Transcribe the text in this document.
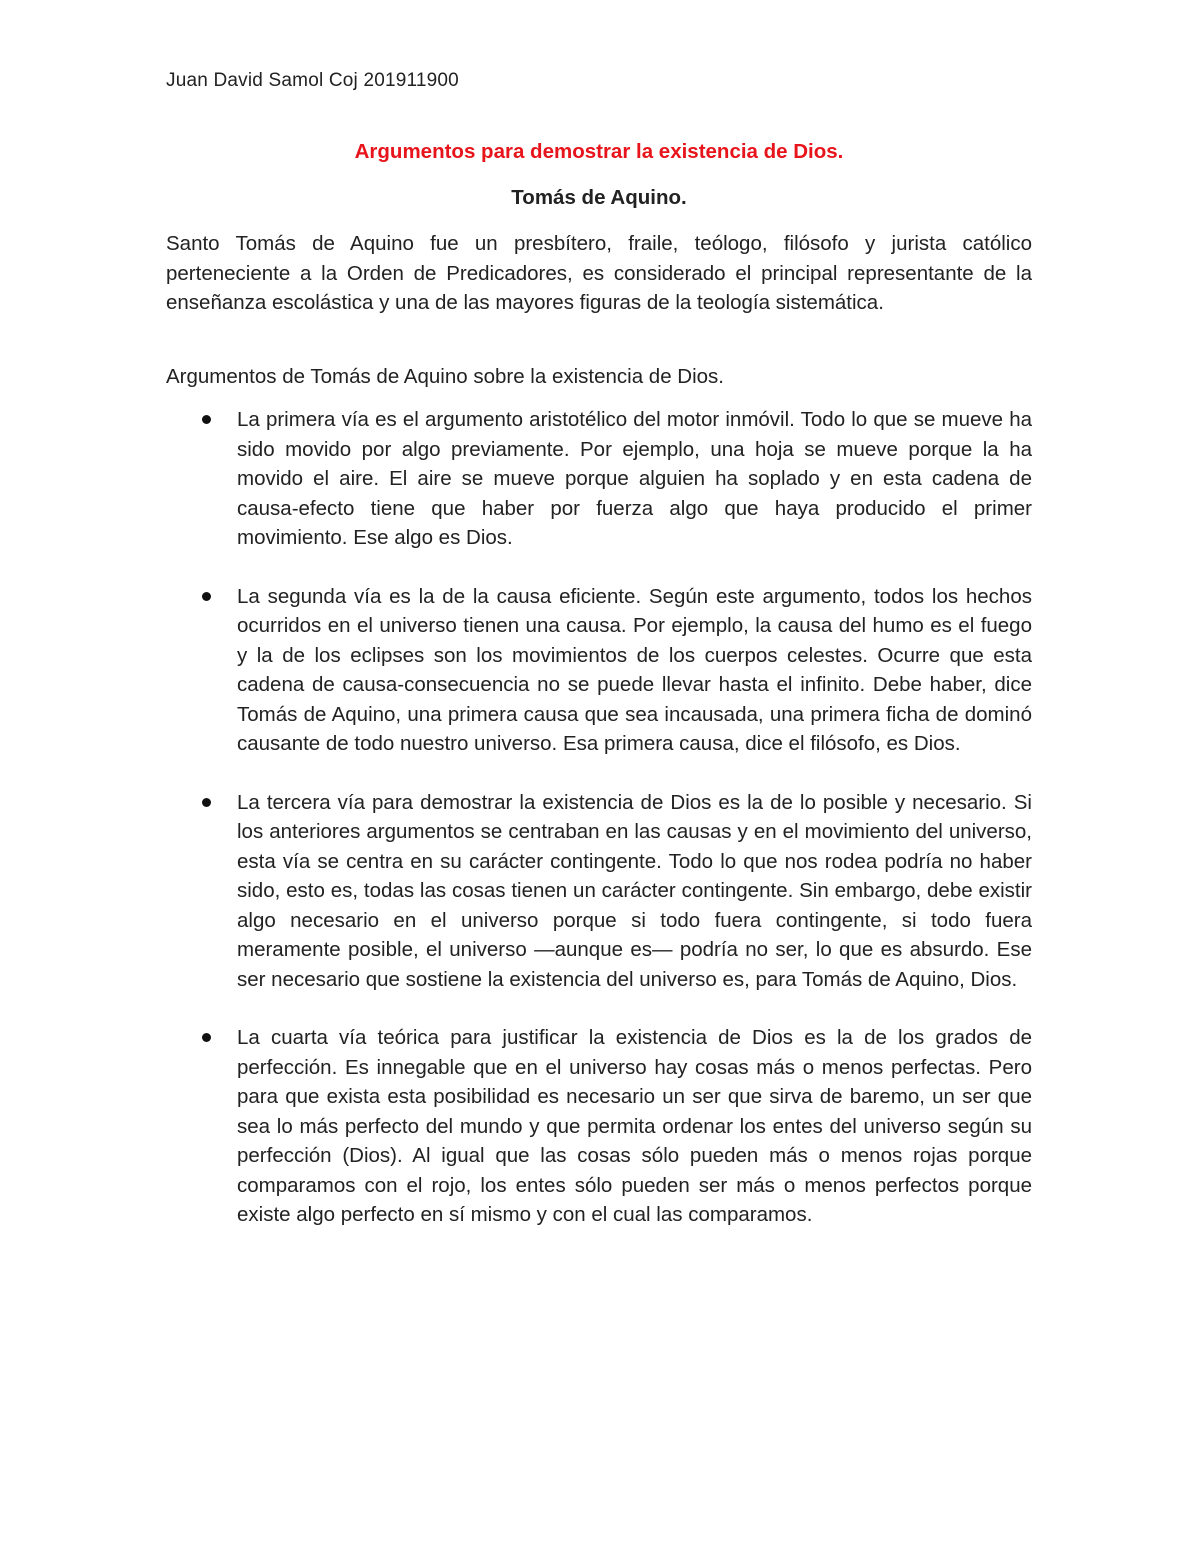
Juan David Samol Coj 201911900
Argumentos para demostrar la existencia de Dios.
Tomás de Aquino.

Santo Tomás de Aquino fue un presbítero, fraile, teólogo, filósofo y jurista católico perteneciente a la Orden de Predicadores, es considerado el principal representante de la enseñanza escolástica y una de las mayores figuras de la teología sistemática.

Argumentos de Tomás de Aquino sobre la existencia de Dios.

La primera vía es el argumento aristotélico del motor inmóvil. Todo lo que se mueve ha sido movido por algo previamente. Por ejemplo, una hoja se mueve porque la ha movido el aire. El aire se mueve porque alguien ha soplado y en esta cadena de causa-efecto tiene que haber por fuerza algo que haya producido el primer movimiento. Ese algo es Dios.
La segunda vía es la de la causa eficiente. Según este argumento, todos los hechos ocurridos en el universo tienen una causa. Por ejemplo, la causa del humo es el fuego y la de los eclipses son los movimientos de los cuerpos celestes. Ocurre que esta cadena de causa-consecuencia no se puede llevar hasta el infinito. Debe haber, dice Tomás de Aquino, una primera causa que sea incausada, una primera ficha de dominó causante de todo nuestro universo. Esa primera causa, dice el filósofo, es Dios.
La tercera vía para demostrar la existencia de Dios es la de lo posible y necesario. Si los anteriores argumentos se centraban en las causas y en el movimiento del universo, esta vía se centra en su carácter contingente. Todo lo que nos rodea podría no haber sido, esto es, todas las cosas tienen un carácter contingente. Sin embargo, debe existir algo necesario en el universo porque si todo fuera contingente, si todo fuera meramente posible, el universo —aunque es— podría no ser, lo que es absurdo. Ese ser necesario que sostiene la existencia del universo es, para Tomás de Aquino, Dios.
La cuarta vía teórica para justificar la existencia de Dios es la de los grados de perfección. Es innegable que en el universo hay cosas más o menos perfectas. Pero para que exista esta posibilidad es necesario un ser que sirva de baremo, un ser que sea lo más perfecto del mundo y que permita ordenar los entes del universo según su perfección (Dios). Al igual que las cosas sólo pueden más o menos rojas porque comparamos con el rojo, los entes sólo pueden ser más o menos perfectos porque existe algo perfecto en sí mismo y con el cual las comparamos.
